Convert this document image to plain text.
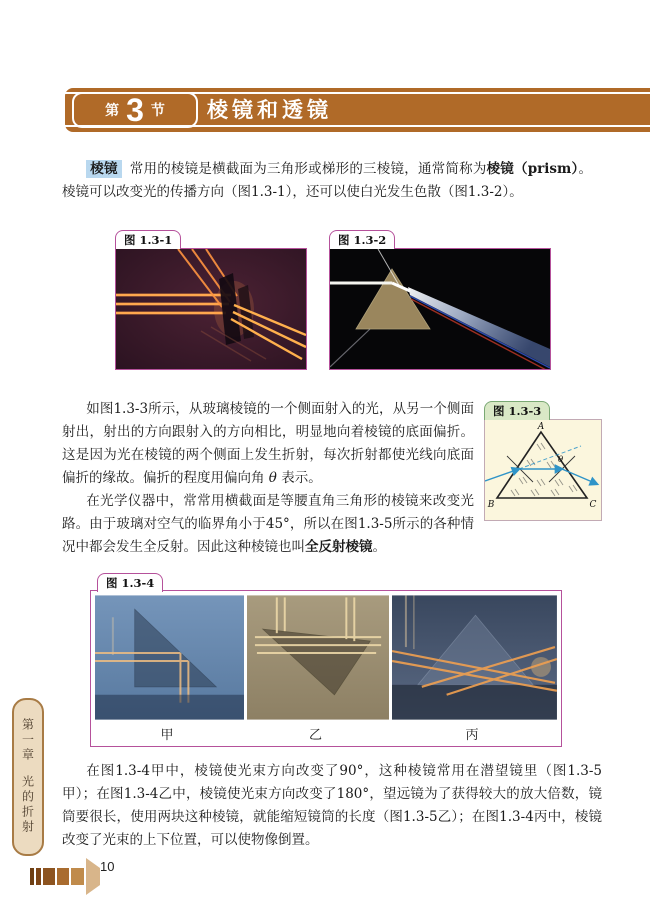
第 3 节 棱镜和透镜

棱镜 常用的棱镜是横截面为三角形或梯形的三棱镜，通常简称为棱镜（prism）。棱镜可以改变光的传播方向（图1.3-1），还可以使白光发生色散（图1.3-2）。

图 1.3-1	图 1.3-2
图 1.3-3
A
B	C
θ

如图1.3-3所示，从玻璃棱镜的一个侧面射入的光，从另一个侧面射出，射出的方向跟射入的方向相比，明显地向着棱镜的底面偏折。这是因为光在棱镜的两个侧面上发生折射，每次折射都使光线向底面偏折的缘故。偏折的程度用偏向角 θ 表示。

在光学仪器中，常常用横截面是等腰直角三角形的棱镜来改变光路。由于玻璃对空气的临界角小于45°，所以在图1.3-5所示的各种情况中都会发生全反射。因此这种棱镜也叫全反射棱镜。

图 1.3-4
甲	乙	丙

在图1.3-4甲中，棱镜使光束方向改变了90°，这种棱镜常用在潜望镜里（图1.3-5甲）；在图1.3-4乙中，棱镜使光束方向改变了180°，望远镜为了获得较大的放大倍数，镜筒要很长，使用两块这种棱镜，就能缩短镜筒的长度（图1.3-5乙）；在图1.3-4丙中，棱镜改变了光束的上下位置，可以使物像倒置。

第一章
光的折射
10
